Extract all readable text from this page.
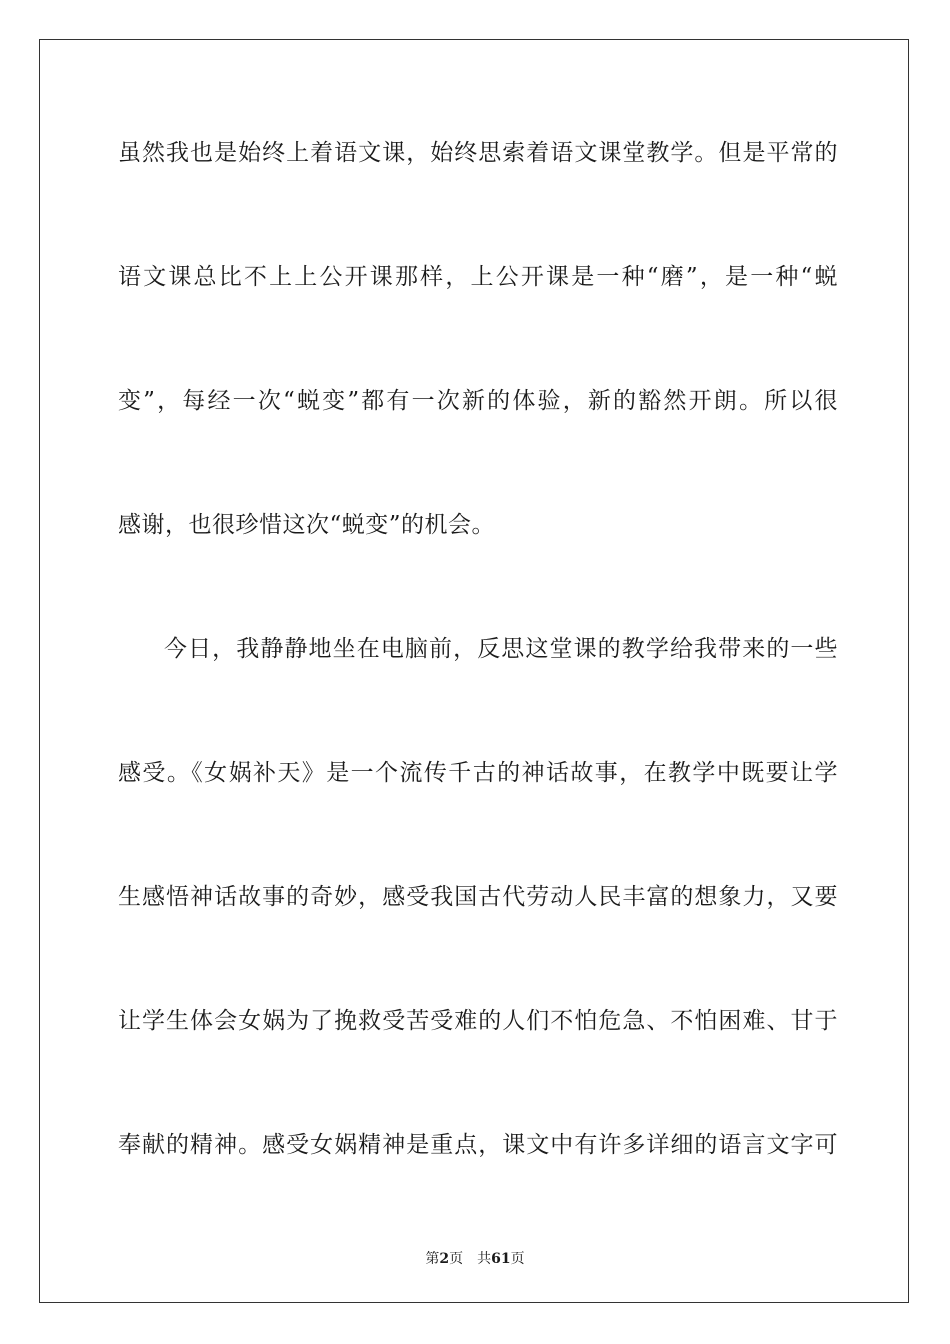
虽然我也是始终上着语文课，始终思索着语文课堂教学。但是平常的
语文课总比不上上公开课那样，上公开课是一种“磨”，是一种“蜕
变”，每经一次“蜕变”都有一次新的体验，新的豁然开朗。所以很
感谢，也很珍惜这次“蜕变”的机会。
今日，我静静地坐在电脑前，反思这堂课的教学给我带来的一些
感受。《女娲补天》是一个流传千古的神话故事，在教学中既要让学
生感悟神话故事的奇妙，感受我国古代劳动人民丰富的想象力，又要
让学生体会女娲为了挽救受苦受难的人们不怕危急、不怕困难、甘于
奉献的精神。感受女娲精神是重点，课文中有许多详细的语言文字可
第2页 共61页
